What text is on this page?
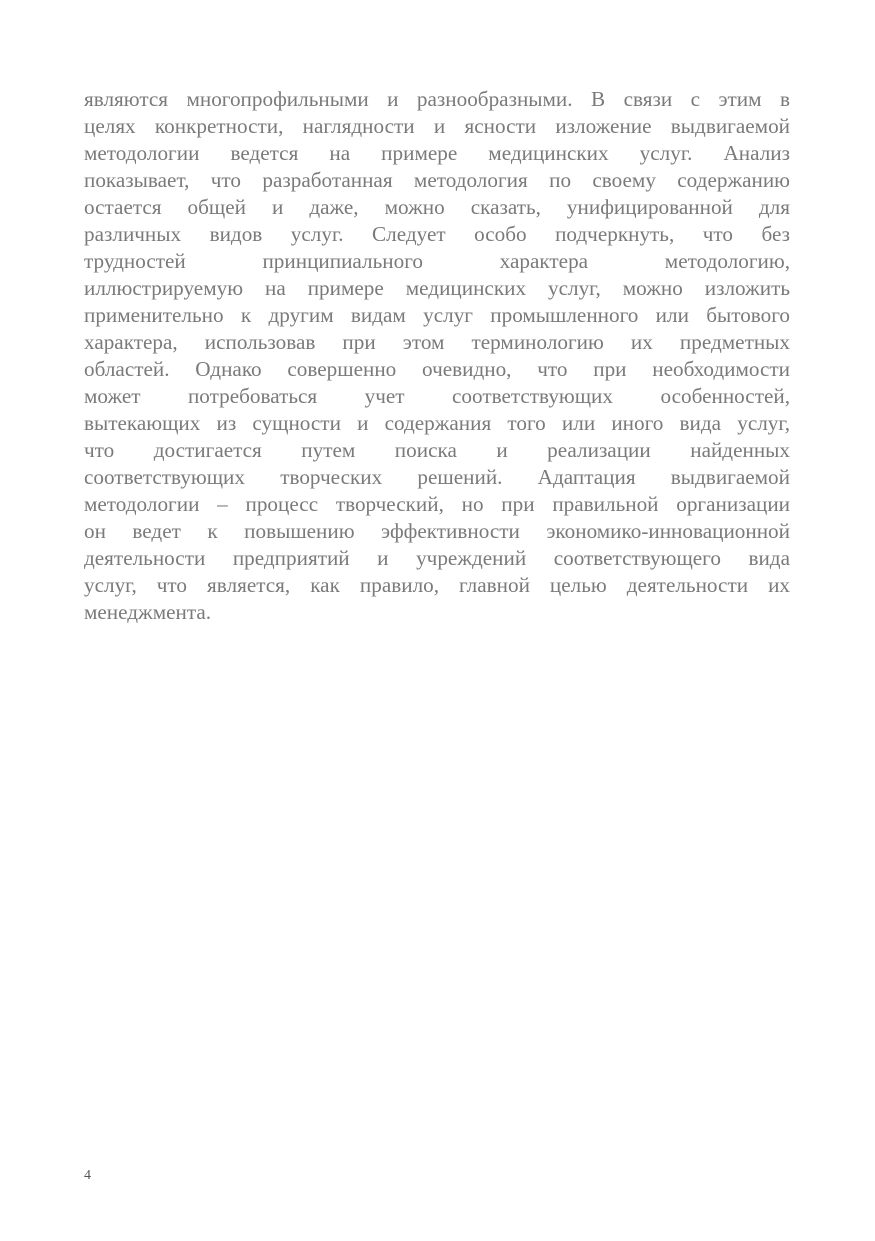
являются многопрофильными и разнообразными. В связи с этим в
целях конкретности, наглядности и ясности изложение выдвигаемой
методологии ведется на примере медицинских услуг. Анализ
показывает, что разработанная методология по своему содержанию
остается общей и даже, можно сказать, унифицированной для
различных видов услуг. Следует особо подчеркнуть, что без
трудностей принципиального характера методологию,
иллюстрируемую на примере медицинских услуг, можно изложить
применительно к другим видам услуг промышленного или бытового
характера, использовав при этом терминологию их предметных
областей. Однако совершенно очевидно, что при необходимости
может потребоваться учет соответствующих особенностей,
вытекающих из сущности и содержания того или иного вида услуг,
что достигается путем поиска и реализации найденных
соответствующих творческих решений. Адаптация выдвигаемой
методологии – процесс творческий, но при правильной организации
он ведет к повышению эффективности экономико-инновационной
деятельности предприятий и учреждений соответствующего вида
услуг, что является, как правило, главной целью деятельности их
менеджмента.

4
